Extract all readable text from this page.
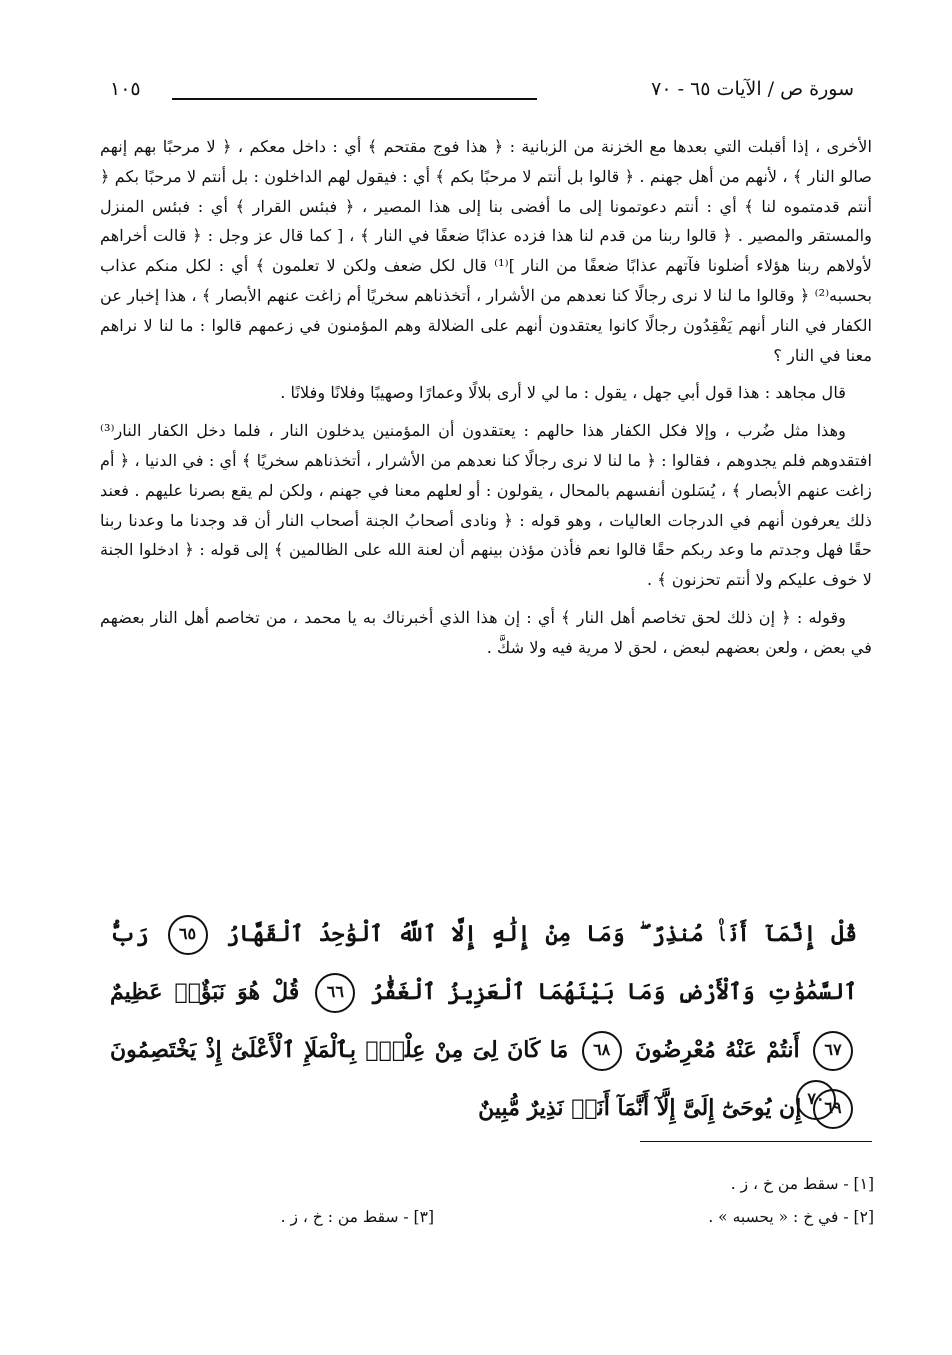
سورة ص / الآيات ٦٥ - ٧٠
١٠٥

الأخرى ، إذا أقبلت التي بعدها مع الخزنة من الزبانية : ﴿ هذا فوج مقتحم ﴾ أي : داخل معكم ، ﴿ لا مرحبًا بهم إنهم صالو النار ﴾ ، لأنهم من أهل جهنم . ﴿ قالوا بل أنتم لا مرحبًا بكم ﴾ أي : فيقول لهم الداخلون : بل أنتم لا مرحبًا بكم ﴿ أنتم قدمتموه لنا ﴾ أي : أنتم دعوتمونا إلى ما أفضى بنا إلى هذا المصير ، ﴿ فبئس القرار ﴾ أي : فبئس المنزل والمستقر والمصير . ﴿ قالوا ربنا من قدم لنا هذا فزده عذابًا ضعفًا في النار ﴾ ، [ كما قال عز وجل : ﴿ قالت أخراهم لأولاهم ربنا هؤلاء أضلونا فآتهم عذابًا ضعفًا من النار ]⁽¹⁾ قال لكل ضعف ولكن لا تعلمون ﴾ أي : لكل منكم عذاب بحسبه⁽²⁾ ﴿ وقالوا ما لنا لا نرى رجالًا كنا نعدهم من الأشرار ، أتخذناهم سخريًا أم زاغت عنهم الأبصار ﴾ ، هذا إخبار عن الكفار في النار أنهم يَفْقِدُون رجالًا كانوا يعتقدون أنهم على الضلالة وهم المؤمنون في زعمهم قالوا : ما لنا لا نراهم معنا في النار ؟

قال مجاهد : هذا قول أبي جهل ، يقول : ما لي لا أرى بلالًا وعمارًا وصهيبًا وفلانًا وفلانًا .

وهذا مثل ضُرب ، وإلا فكل الكفار هذا حالهم : يعتقدون أن المؤمنين يدخلون النار ، فلما دخل الكفار النار⁽³⁾ افتقدوهم فلم يجدوهم ، فقالوا : ﴿ ما لنا لا نرى رجالًا كنا نعدهم من الأشرار ، أتخذناهم سخريًا ﴾ أي : في الدنيا ، ﴿ أم زاغت عنهم الأبصار ﴾ ، يُسَلون أنفسهم بالمحال ، يقولون : أو لعلهم معنا في جهنم ، ولكن لم يقع بصرنا عليهم . فعند ذلك يعرفون أنهم في الدرجات العاليات ، وهو قوله : ﴿ ونادى أصحابُ الجنة أصحاب النار أن قد وجدنا ما وعدنا ربنا حقًا فهل وجدتم ما وعد ربكم حقًا قالوا نعم فأذن مؤذن بينهم أن لعنة الله على الظالمين ﴾ إلى قوله : ﴿ ادخلوا الجنة لا خوف عليكم ولا أنتم تحزنون ﴾ .

وقوله : ﴿ إن ذلك لحق تخاصم أهل النار ﴾ أي : إن هذا الذي أخبرناك به يا محمد ، من تخاصم أهل النار بعضهم في بعض ، ولعن بعضهم لبعض ، لحق لا مرية فيه ولا شكَّ .

قُلْ إِنَّمَآ أَنَا۠ مُنذِرٌ ۖ وَمَا مِنْ إِلَٰهٍ إِلَّا ٱللَّهُ ٱلْوَٰحِدُ ٱلْقَهَّارُ ٦٥ رَبُّ ٱلسَّمَٰوَٰتِ وَٱلْأَرْضِ وَمَا بَيْنَهُمَا ٱلْعَزِيزُ ٱلْغَفَّٰرُ ٦٦ قُلْ هُوَ نَبَؤٌا۟ عَظِيمٌ ٦٧ أَنتُمْ عَنْهُ مُعْرِضُونَ ٦٨ مَا كَانَ لِىَ مِنْ عِلْمٍۭ بِٱلْمَلَإِ ٱلْأَعْلَىٰٓ إِذْ يَخْتَصِمُونَ ٦٩ إِن يُوحَىٰٓ إِلَىَّ إِلَّآ أَنَّمَآ أَنَا۠ نَذِيرٌ مُّبِينٌ ٧٠
[١] - سقط من خ ، ز .
[٢] - في خ : « يحسبه » .
[٣] - سقط من : خ ، ز .
